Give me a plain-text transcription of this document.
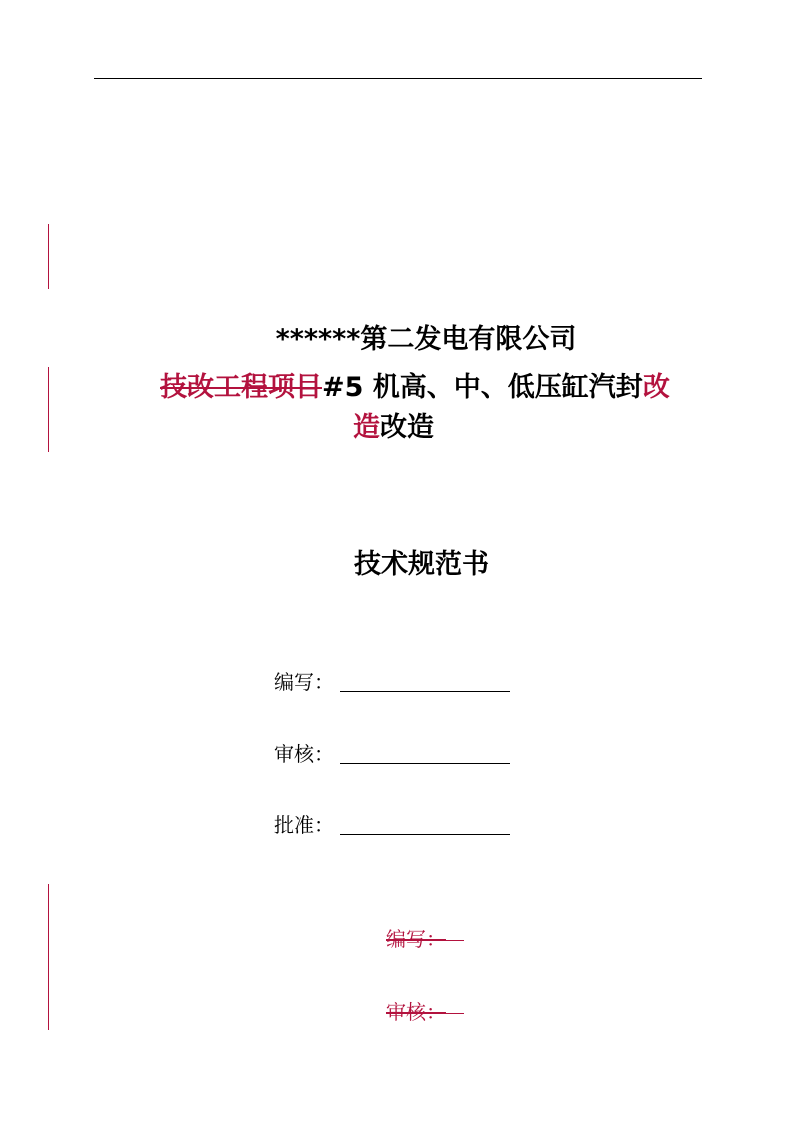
******第二发电有限公司
技改工程项目#5 机高、中、低压缸汽封改
造改造
技术规范书
编写：
审核：
批准：
编写：
审核：
